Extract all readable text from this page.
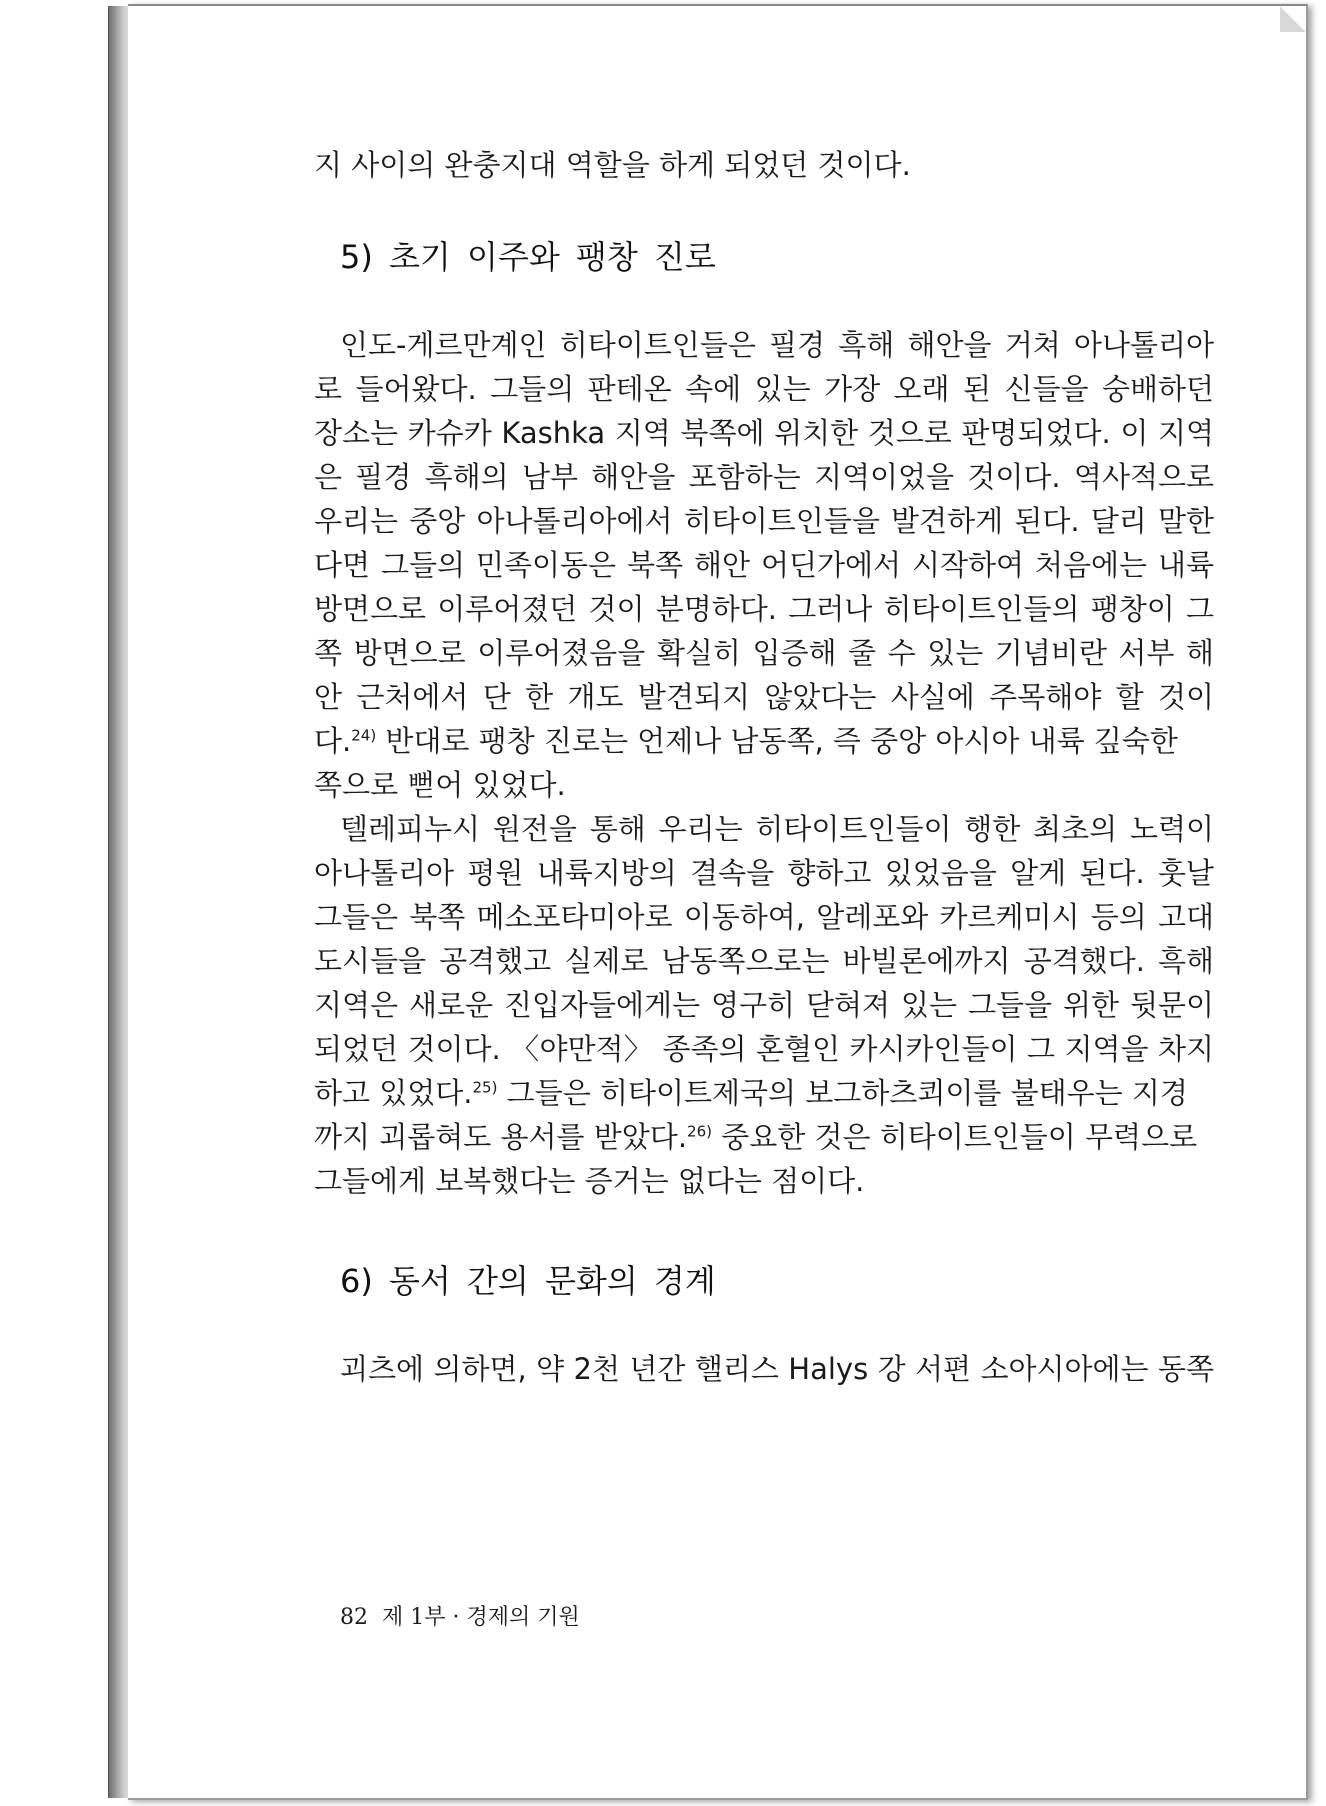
지 사이의 완충지대 역할을 하게 되었던 것이다.
5) 초기 이주와 팽창 진로
인도-게르만계인 히타이트인들은 필경 흑해 해안을 거쳐 아나톨리아
로 들어왔다. 그들의 판테온 속에 있는 가장 오래 된 신들을 숭배하던
장소는 카슈카 Kashka 지역 북쪽에 위치한 것으로 판명되었다. 이 지역
은 필경 흑해의 남부 해안을 포함하는 지역이었을 것이다. 역사적으로
우리는 중앙 아나톨리아에서 히타이트인들을 발견하게 된다. 달리 말한
다면 그들의 민족이동은 북쪽 해안 어딘가에서 시작하여 처음에는 내륙
방면으로 이루어졌던 것이 분명하다. 그러나 히타이트인들의 팽창이 그
쪽 방면으로 이루어졌음을 확실히 입증해 줄 수 있는 기념비란 서부 해
안 근처에서 단 한 개도 발견되지 않았다는 사실에 주목해야 할 것이
다.$^{24)}$ 반대로 팽창 진로는 언제나 남동쪽, 즉 중앙 아시아 내륙 깊숙한
쪽으로 뻗어 있었다.
텔레피누시 원전을 통해 우리는 히타이트인들이 행한 최초의 노력이
아나톨리아 평원 내륙지방의 결속을 향하고 있었음을 알게 된다. 훗날
그들은 북쪽 메소포타미아로 이동하여, 알레포와 카르케미시 등의 고대
도시들을 공격했고 실제로 남동쪽으로는 바빌론에까지 공격했다. 흑해
지역은 새로운 진입자들에게는 영구히 닫혀져 있는 그들을 위한 뒷문이
되었던 것이다. 〈야만적〉 종족의 혼혈인 카시카인들이 그 지역을 차지
하고 있었다.$^{25)}$ 그들은 히타이트제국의 보그하츠쾨이를 불태우는 지경
까지 괴롭혀도 용서를 받았다.$^{26)}$ 중요한 것은 히타이트인들이 무력으로
그들에게 보복했다는 증거는 없다는 점이다.
6) 동서 간의 문화의 경계
괴츠에 의하면, 약 2천 년간 핼리스 Halys 강 서편 소아시아에는 동쪽
82 제 1부 · 경제의 기원
